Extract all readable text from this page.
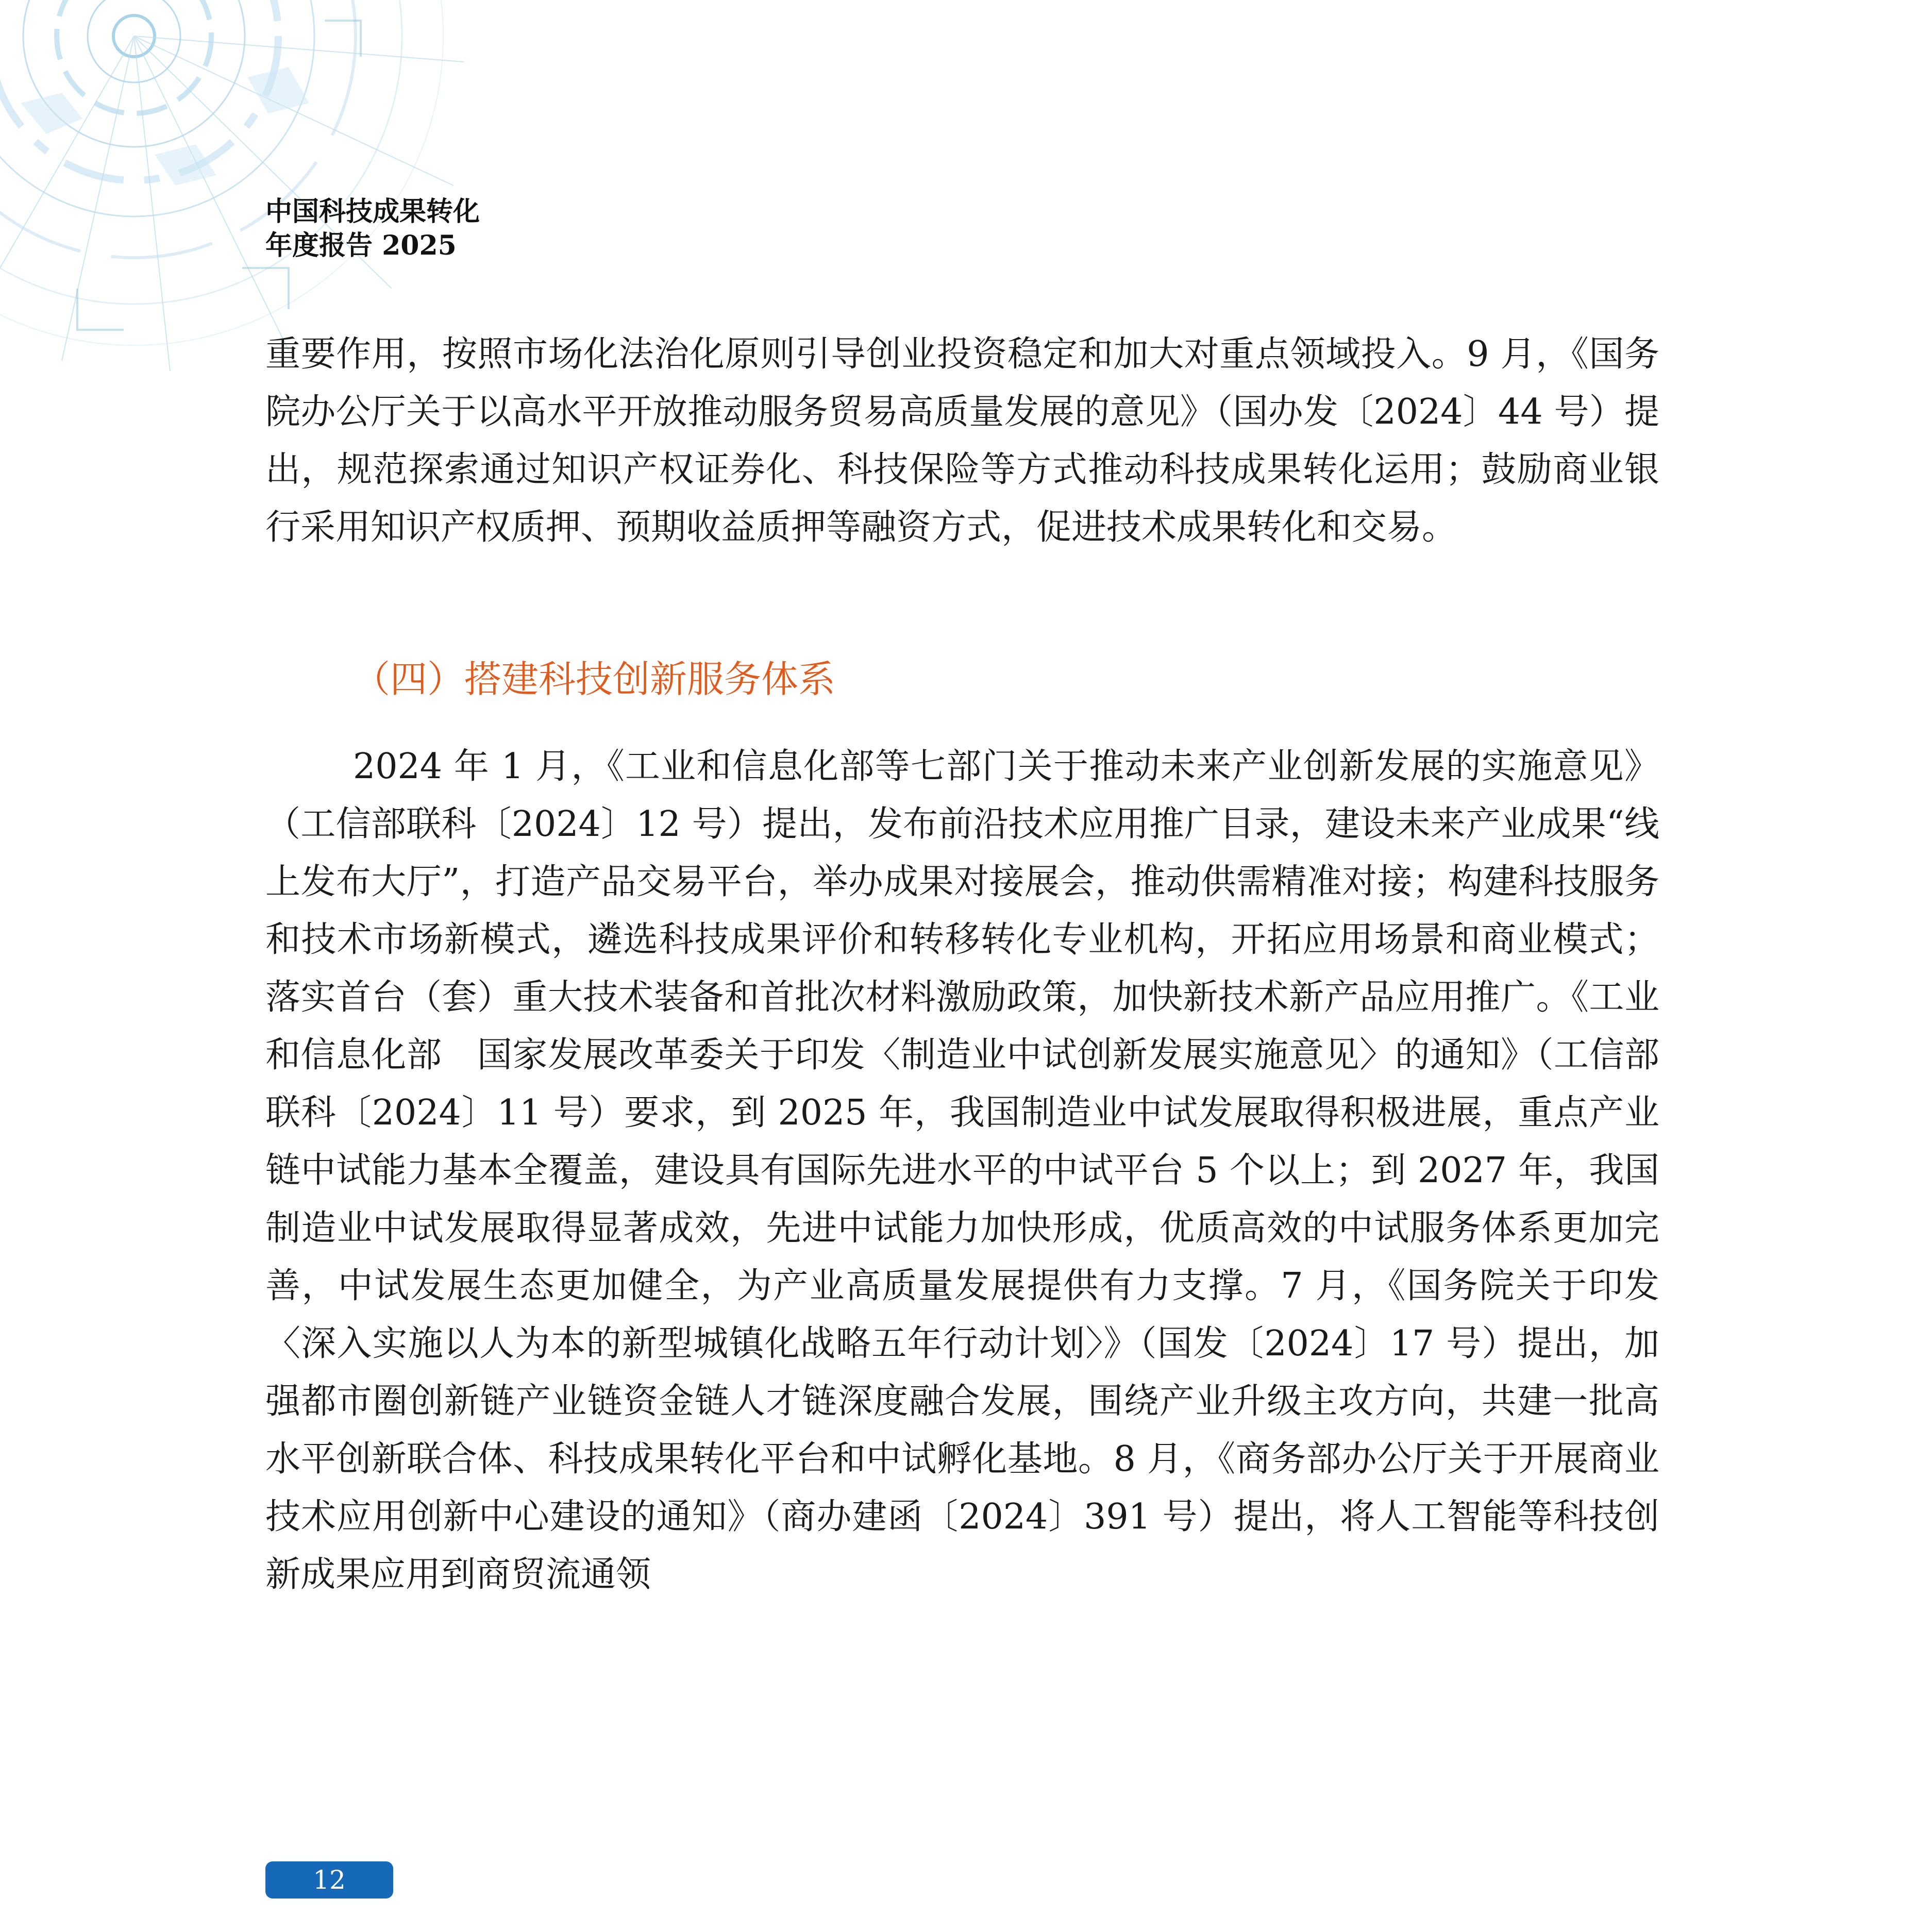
中国科技成果转化
年度报告 2025
重要作用，按照市场化法治化原则引导创业投资稳定和加大对重点领域投入。9 月，《国务院办公厅关于以高水平开放推动服务贸易高质量发展的意见》（国办发〔2024〕44 号）提出，规范探索通过知识产权证券化、科技保险等方式推动科技成果转化运用；鼓励商业银行采用知识产权质押、预期收益质押等融资方式，促进技术成果转化和交易。
（四）搭建科技创新服务体系
2024 年 1 月，《工业和信息化部等七部门关于推动未来产业创新发展的实施意见》（工信部联科〔2024〕12 号）提出，发布前沿技术应用推广目录，建设未来产业成果“线上发布大厅”，打造产品交易平台，举办成果对接展会，推动供需精准对接；构建科技服务和技术市场新模式，遴选科技成果评价和转移转化专业机构，开拓应用场景和商业模式；落实首台（套）重大技术装备和首批次材料激励政策，加快新技术新产品应用推广。《工业和信息化部　国家发展改革委关于印发〈制造业中试创新发展实施意见〉的通知》（工信部联科〔2024〕11 号）要求，到 2025 年，我国制造业中试发展取得积极进展，重点产业链中试能力基本全覆盖，建设具有国际先进水平的中试平台 5 个以上；到 2027 年，我国制造业中试发展取得显著成效，先进中试能力加快形成，优质高效的中试服务体系更加完善，中试发展生态更加健全，为产业高质量发展提供有力支撑。7 月，《国务院关于印发〈深入实施以人为本的新型城镇化战略五年行动计划〉》（国发〔2024〕17 号）提出，加强都市圈创新链产业链资金链人才链深度融合发展，围绕产业升级主攻方向，共建一批高水平创新联合体、科技成果转化平台和中试孵化基地。8 月，《商务部办公厅关于开展商业技术应用创新中心建设的通知》（商办建函〔2024〕391 号）提出，将人工智能等科技创新成果应用到商贸流通领
12
